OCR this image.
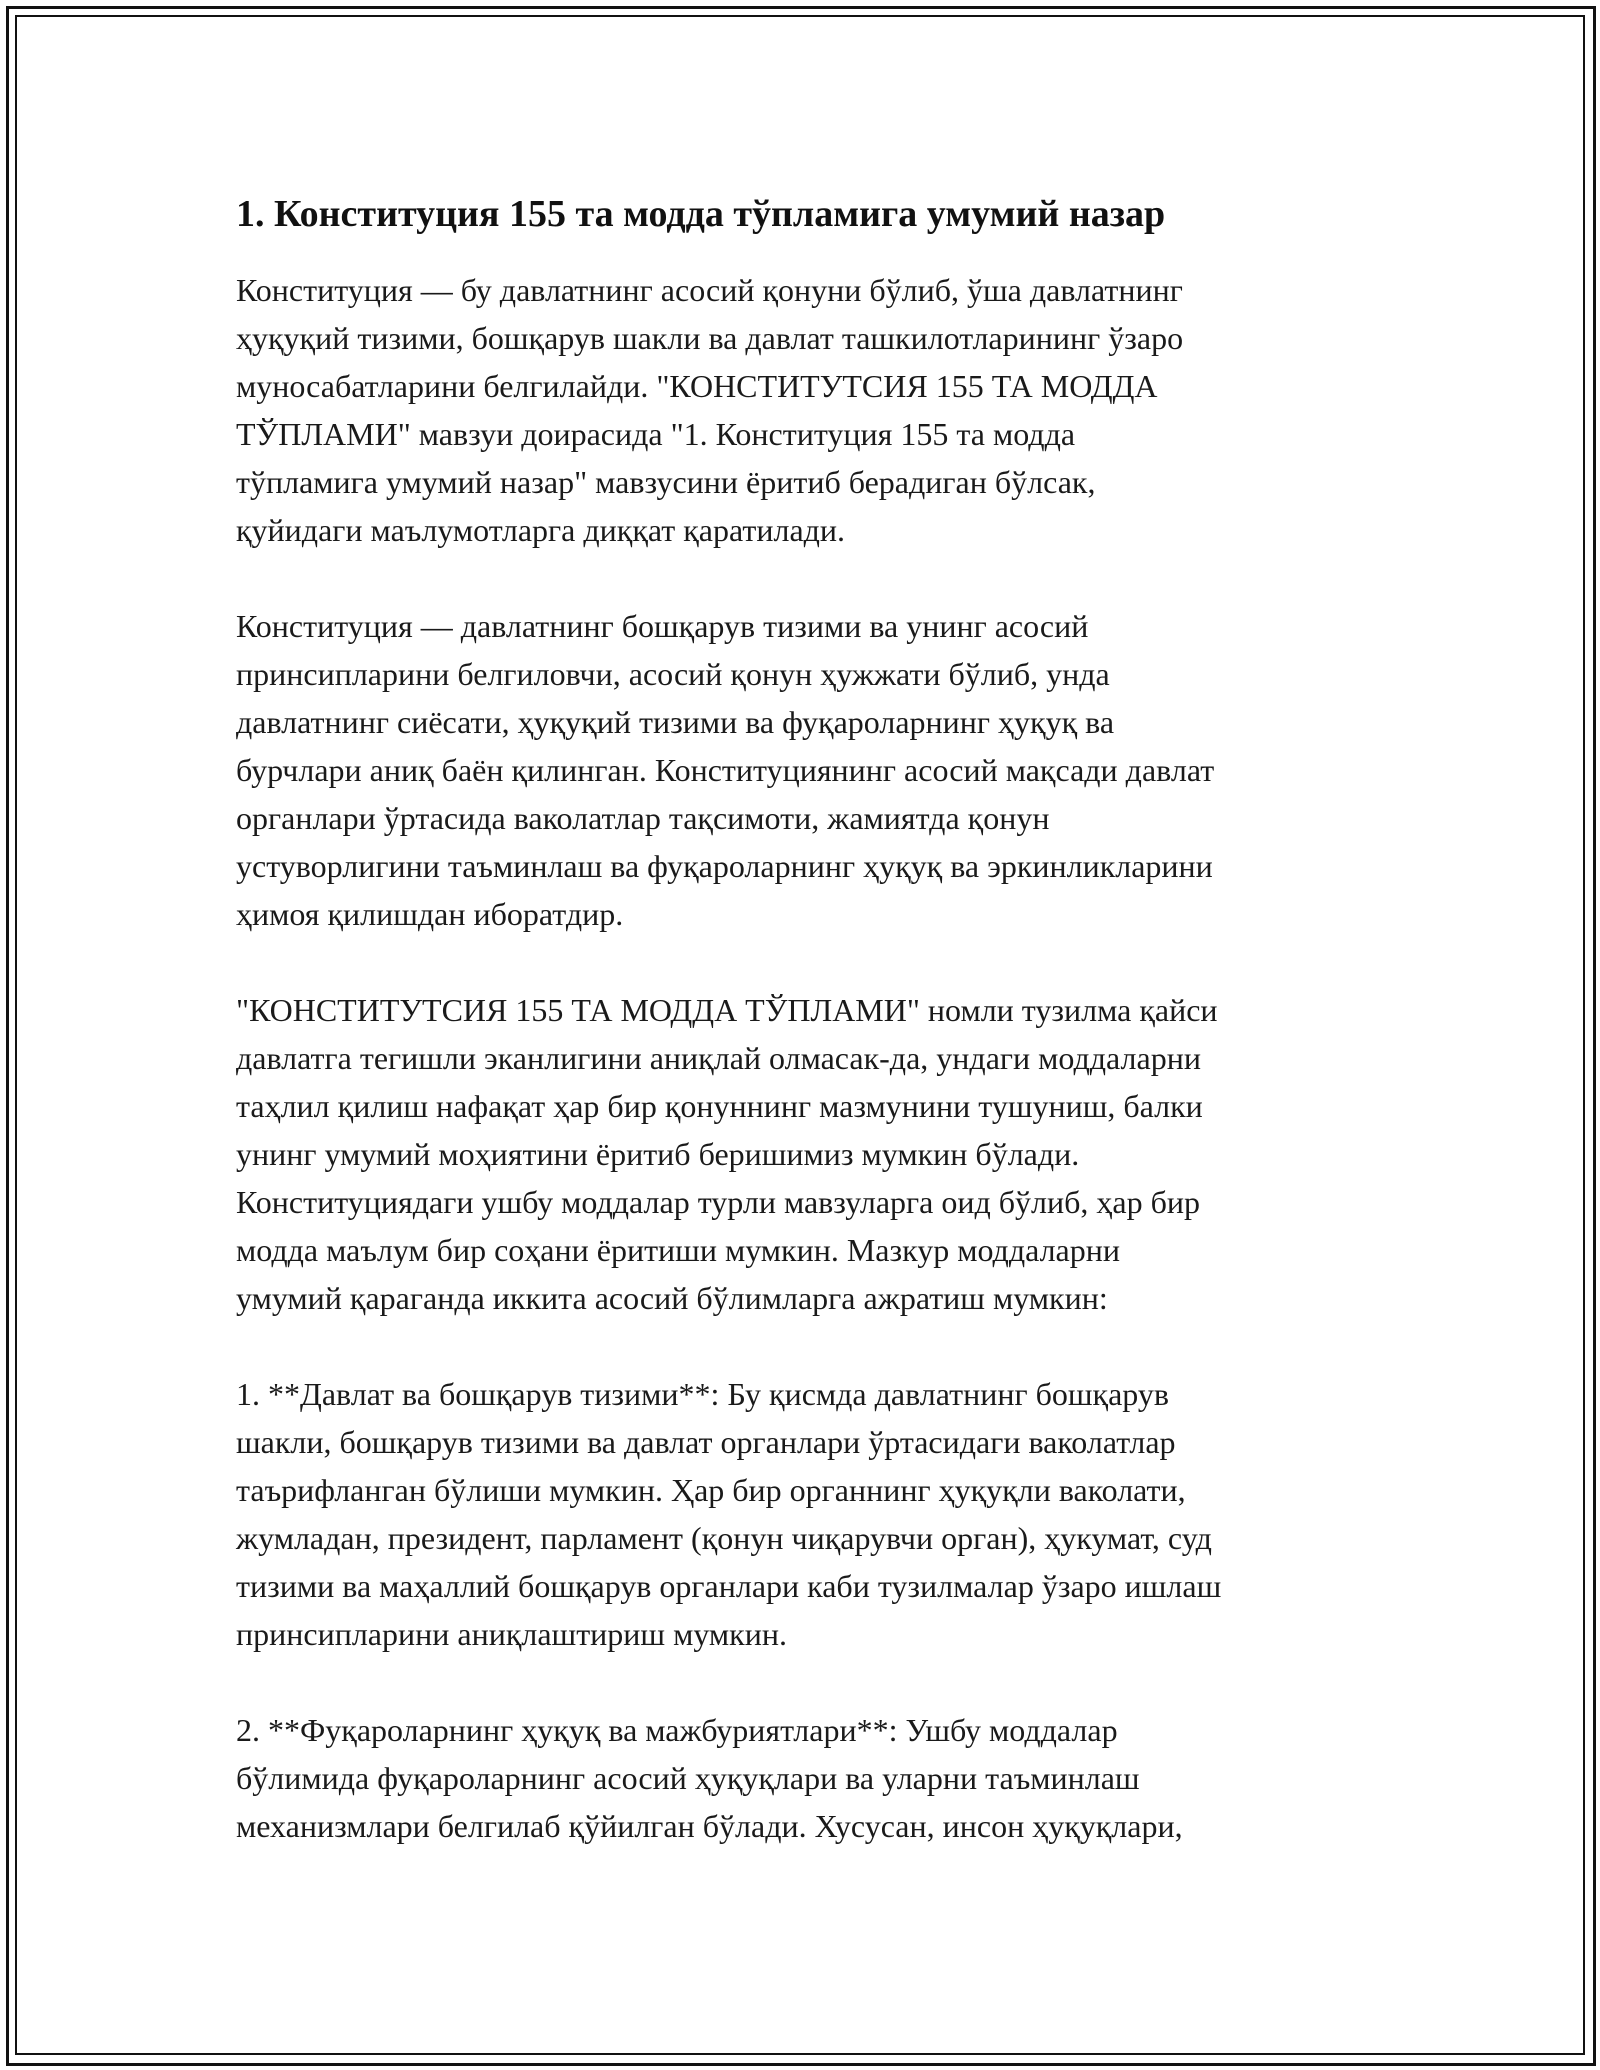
1. Конституция 155 та модда тўпламига умумий назар

Конституция — бу давлатнинг асосий қонуни бўлиб, ўша давлатнинг
ҳуқуқий тизими, бошқарув шакли ва давлат ташкилотларининг ўзаро
муносабатларини белгилайди. "КОНСТИТУТСИЯ 155 ТА МОДДА
ТЎПЛАМИ" мавзуи доирасида "1. Конституция 155 та модда
тўпламига умумий назар" мавзусини ёритиб берадиган бўлсак,
қуйидаги маълумотларга диққат қаратилади.

Конституция — давлатнинг бошқарув тизими ва унинг асосий
принсипларини белгиловчи, асосий қонун ҳужжати бўлиб, унда
давлатнинг сиёсати, ҳуқуқий тизими ва фуқароларнинг ҳуқуқ ва
бурчлари аниқ баён қилинган. Конституциянинг асосий мақсади давлат
органлари ўртасида ваколатлар тақсимоти, жамиятда қонун
устуворлигини таъминлаш ва фуқароларнинг ҳуқуқ ва эркинликларини
ҳимоя қилишдан иборатдир.

"КОНСТИТУТСИЯ 155 ТА МОДДА ТЎПЛАМИ" номли тузилма қайси
давлатга тегишли эканлигини аниқлай олмасак-да, ундаги моддаларни
таҳлил қилиш нафақат ҳар бир қонуннинг мазмунини тушуниш, балки
унинг умумий моҳиятини ёритиб беришимиз мумкин бўлади.
Конституциядаги ушбу моддалар турли мавзуларга оид бўлиб, ҳар бир
модда маълум бир соҳани ёритиши мумкин. Мазкур моддаларни
умумий қараганда иккита асосий бўлимларга ажратиш мумкин:

1. **Давлат ва бошқарув тизими**: Бу қисмда давлатнинг бошқарув
шакли, бошқарув тизими ва давлат органлари ўртасидаги ваколатлар
таърифланган бўлиши мумкин. Ҳар бир органнинг ҳуқуқли ваколати,
жумладан, президент, парламент (қонун чиқарувчи орган), ҳукумат, суд
тизими ва маҳаллий бошқарув органлари каби тузилмалар ўзаро ишлаш
принсипларини аниқлаштириш мумкин.

2. **Фуқароларнинг ҳуқуқ ва мажбуриятлари**: Ушбу моддалар
бўлимида фуқароларнинг асосий ҳуқуқлари ва уларни таъминлаш
механизмлари белгилаб қўйилган бўлади. Хусусан, инсон ҳуқуқлари,
